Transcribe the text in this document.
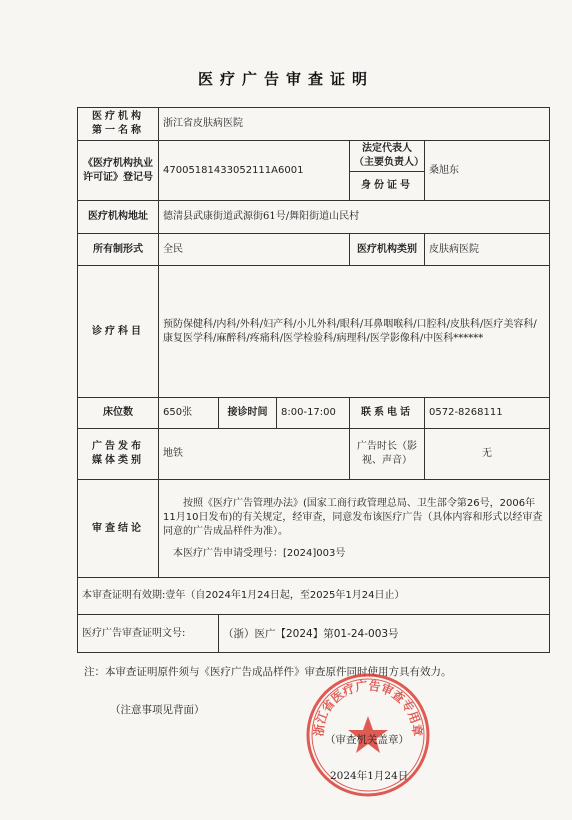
医疗广告审查证明
医疗机构
第一名称	浙江省皮肤病医院				
《医疗机构执业
许可证》登记号	47005181433052111A6001			法定代表人
（主要负责人）	桑旭东
				身份证号	
医疗机构地址	德清县武康街道武源街61号/舞阳街道山民村				
所有制形式	全民			医疗机构类别	皮肤病医院
诊疗科目	预防保健科/内科/外科/妇产科/小儿外科/眼科/耳鼻咽喉科/口腔科/皮肤科/医疗美容科/康复医学科/麻醉科/疼痛科/医学检验科/病理科/医学影像科/中医科******				
床位数	650张	接诊时间	8:00-17:00	联系电话	0572-8268111
广告发布
媒体类别	地铁			广告时长（影视、声音）	无
审查结论	按照《医疗广告管理办法》(国家工商行政管理总局、卫生部令第26号，2006年11月10日发布)的有关规定，经审查，同意发布该医疗广告（具体内容和形式以经审查同意的广告成品样件为准）。

本医疗广告申请受理号：[2024]003号				

本审查证明有效期:壹年（自2024年1月24日起，至2025年1月24日止）					
医疗广告审查证明文号:		（浙）医广【2024】第01-24-003号			
注：本审查证明原件须与《医疗广告成品样件》审查原件同时使用方具有效力。
（注意事项见背面）
浙江省医疗广告审查专用章
（审查机关盖章）
2024年1月24日
